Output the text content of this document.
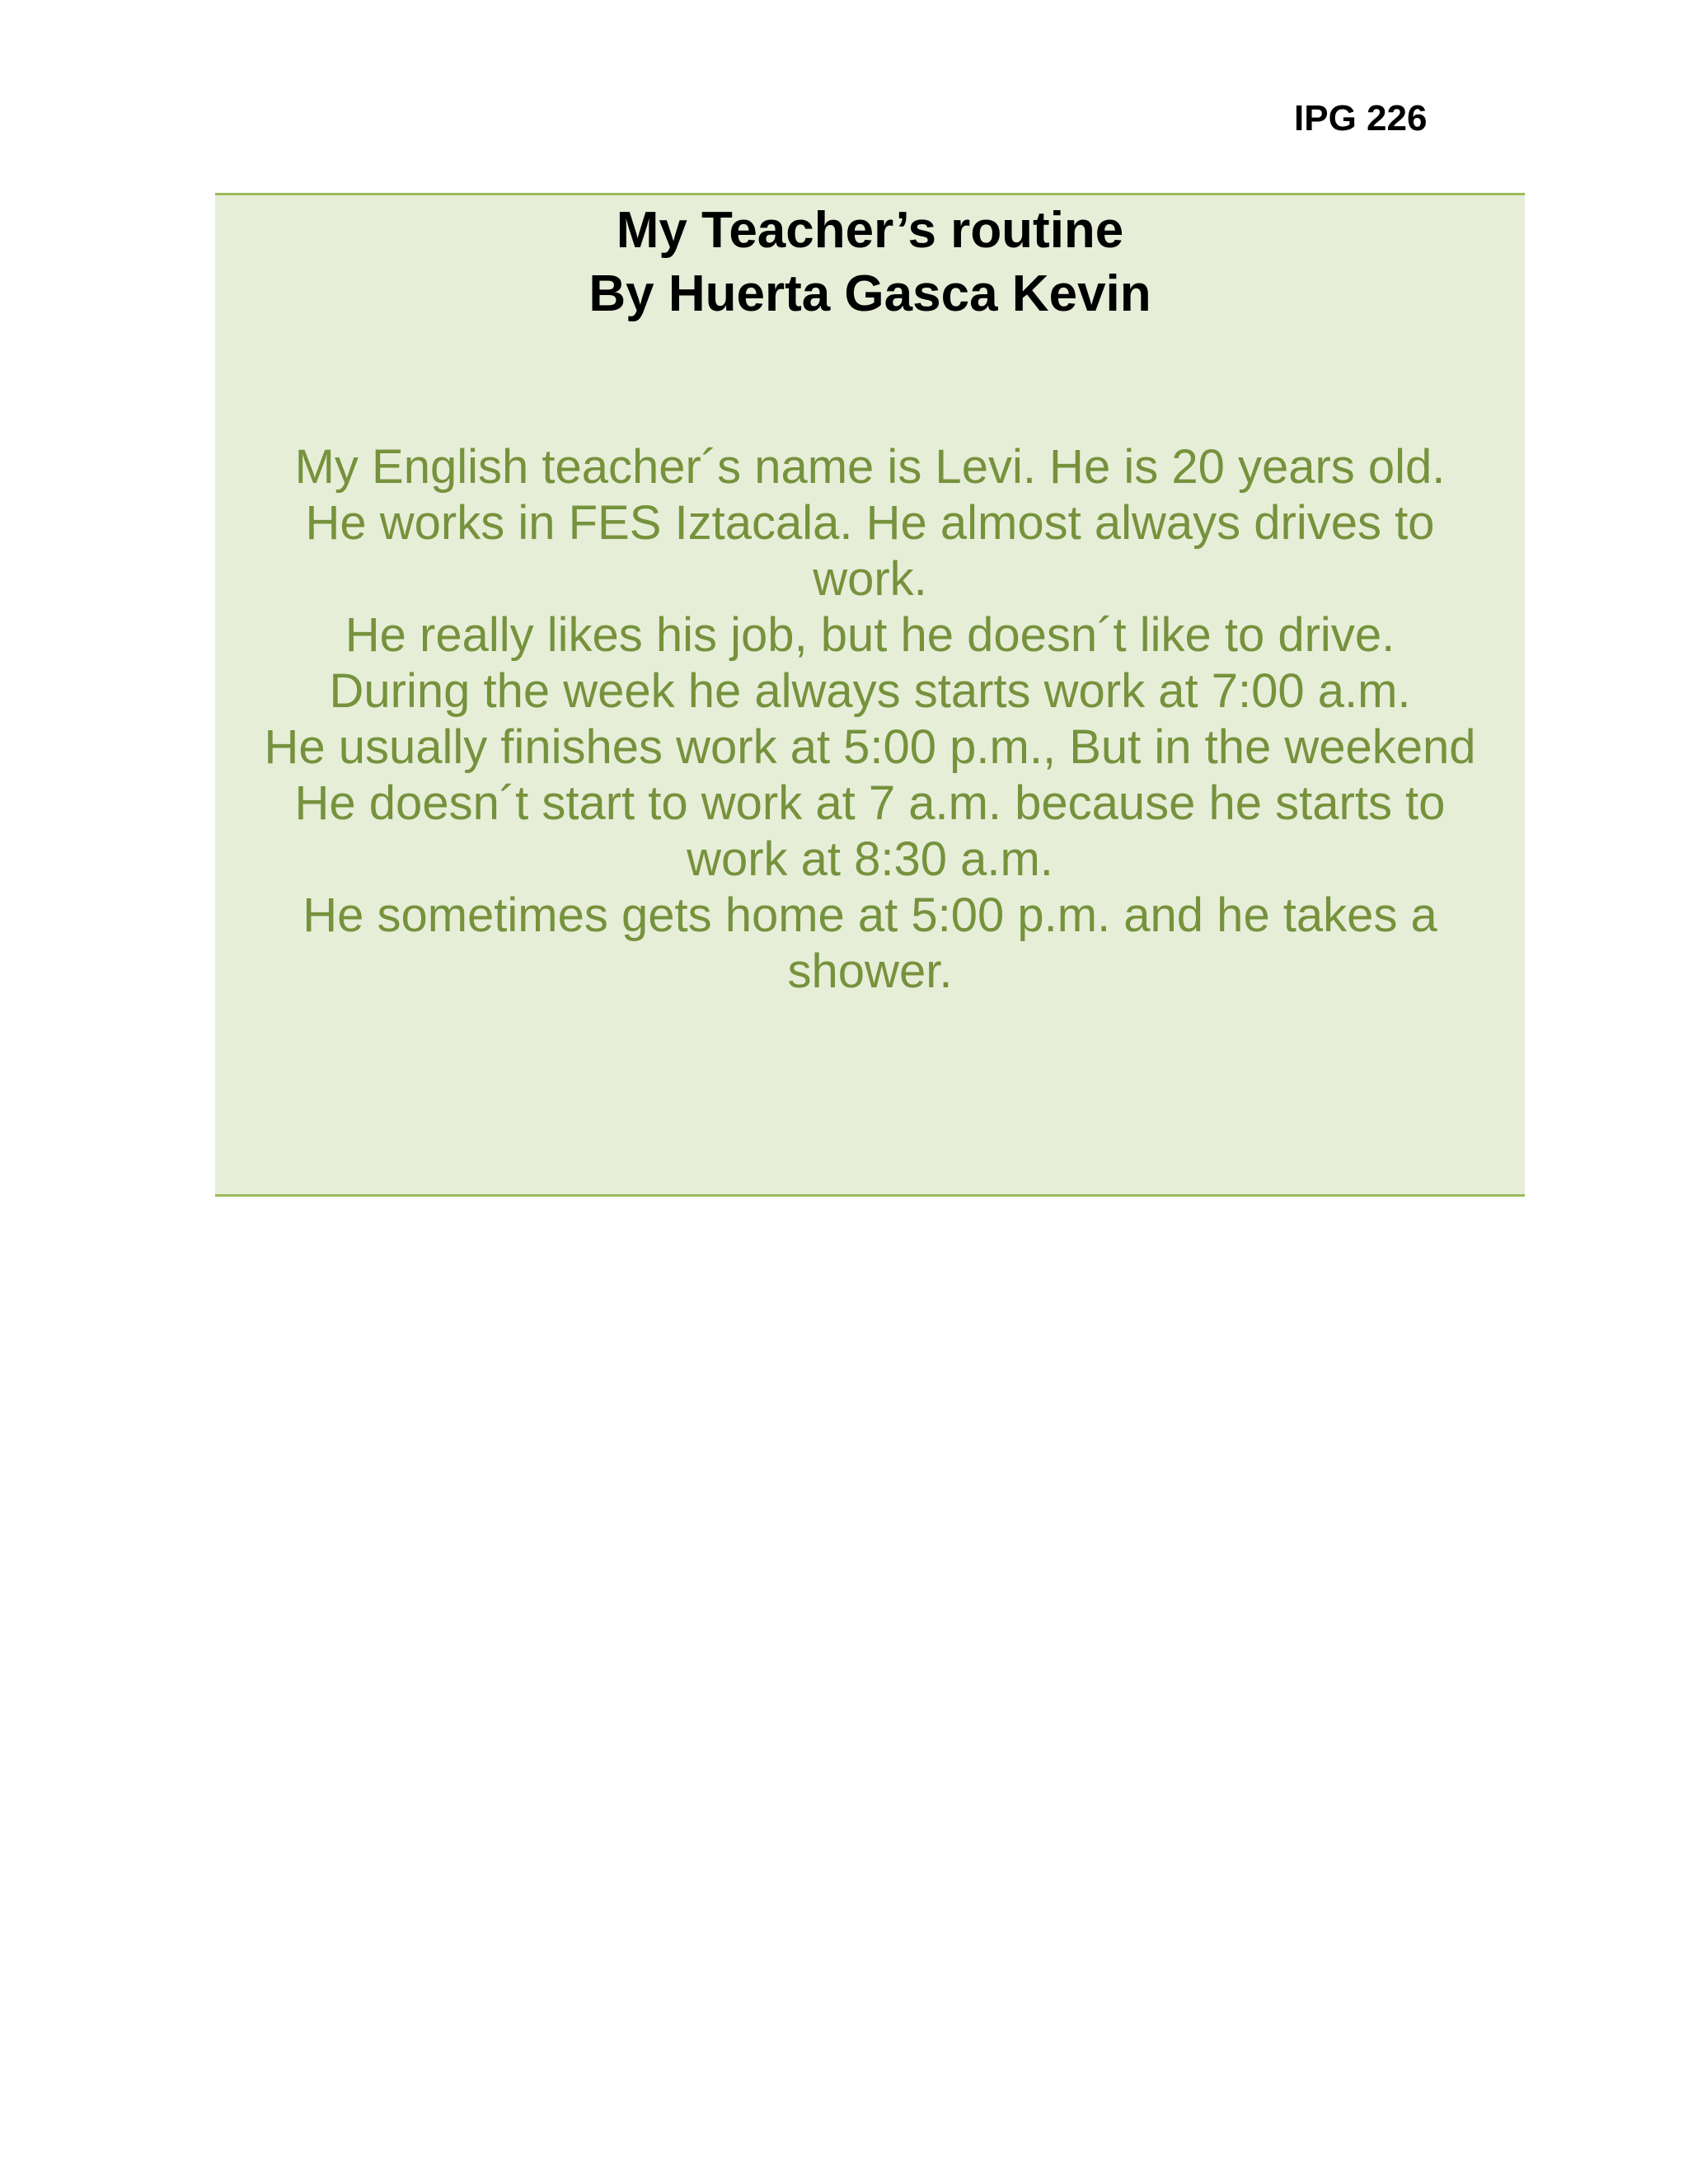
IPG 226
My Teacher’s routine
By Huerta Gasca Kevin

My English teacher´s name is Levi. He is 20 years old.
He works in FES Iztacala. He almost always drives to
work.
He really likes his job, but he doesn´t like to drive.
During the week he always starts work at 7:00 a.m.
He usually finishes work at 5:00 p.m., But in the weekend
He doesn´t start to work at 7 a.m. because he starts to
work at 8:30 a.m.
He sometimes gets home at 5:00 p.m. and he takes a
shower.
